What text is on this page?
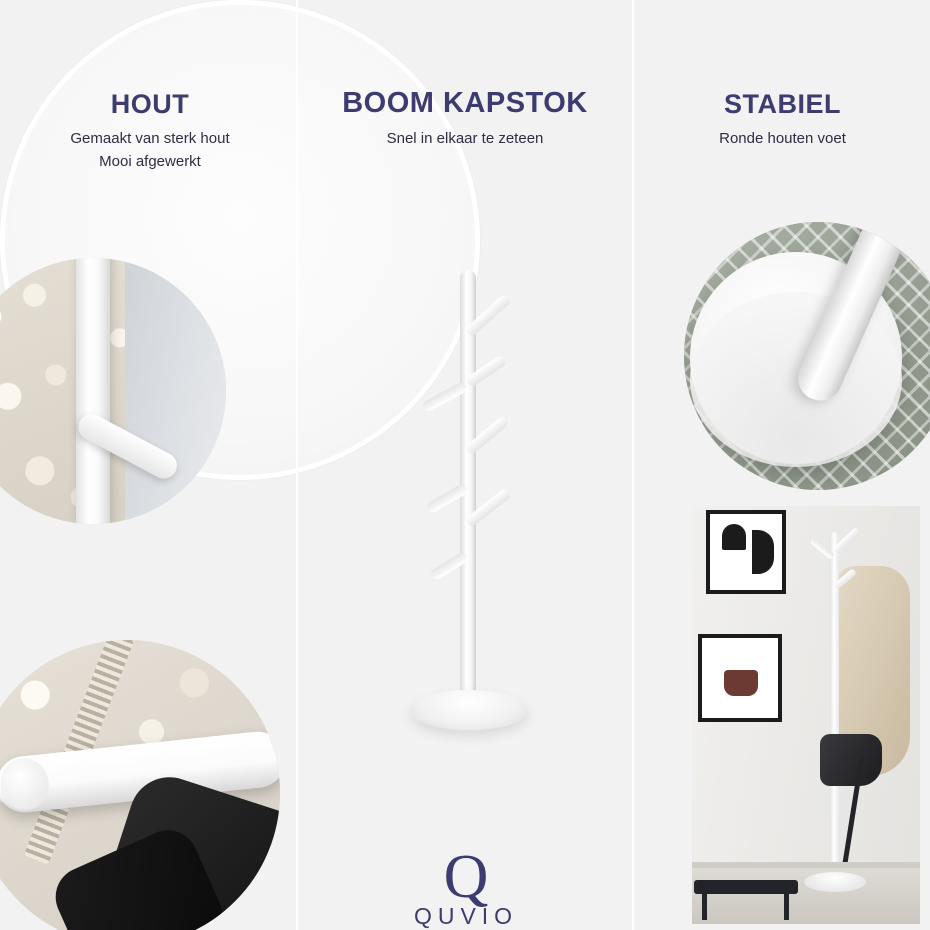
HOUT

Gemaakt van sterk hout

Mooi afgewerkt

BOOM KAPSTOK

Snel in elkaar te zeteen

STABIEL

Ronde houten voet

Q
QUVIO
